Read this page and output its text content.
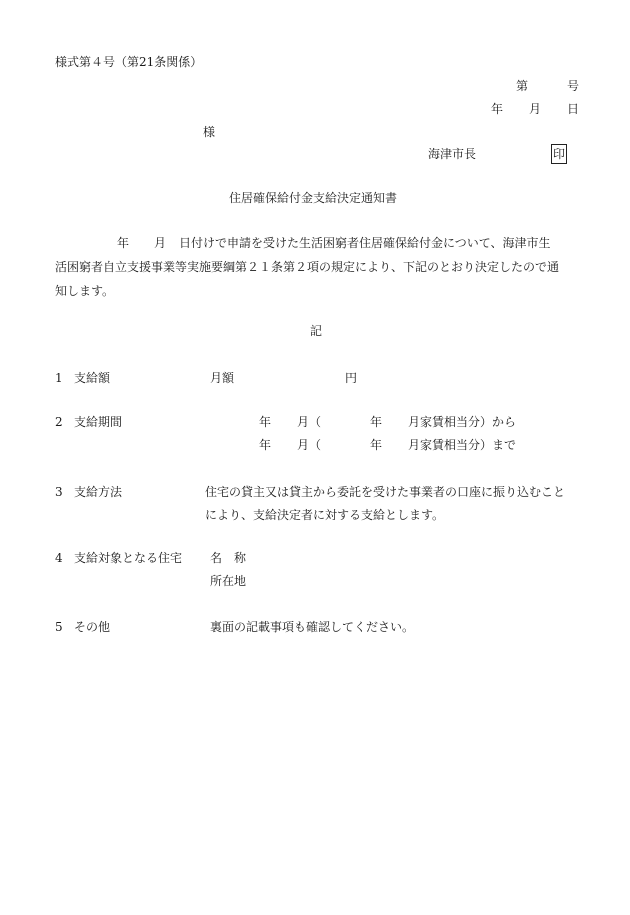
様式第４号（第21条関係）
第	号
年 月 日
様
海津市長	印
住居確保給付金支給決定通知書
年 月 日付けで申請を受けた生活困窮者住居確保給付金について、海津市生
活困窮者自立支援事業等実施要綱第２１条第２項の規定により、下記のとおり決定したので通
知します。
記
1 支給額	月額	円
2 支給期間	年 月（	年 月家賃相当分）から
年 月（	年 月家賃相当分）まで
3 支給方法	住宅の貸主又は貸主から委託を受けた事業者の口座に振り込むこと
により、支給決定者に対する支給とします。
4 支給対象となる住宅 名　称
所在地
5 その他	裏面の記載事項も確認してください。
